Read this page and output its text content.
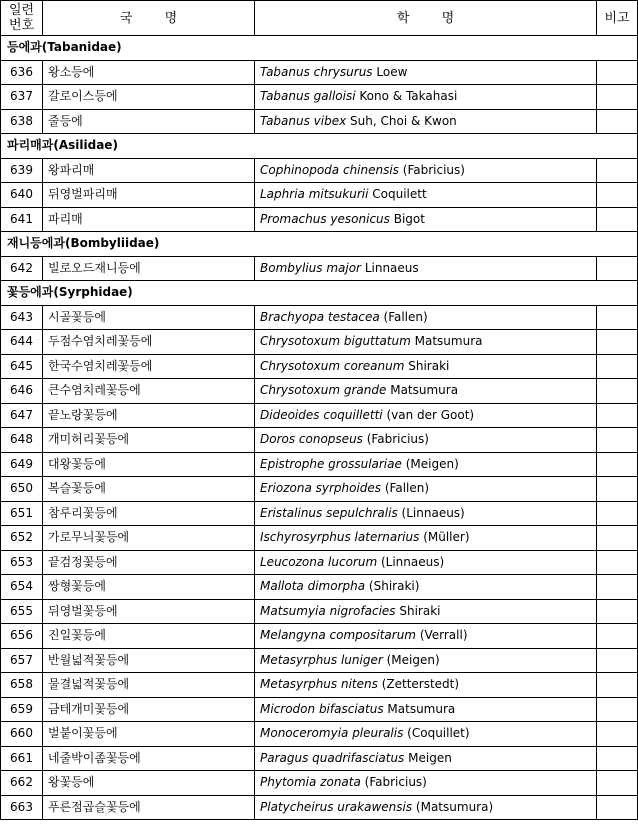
일련
번호	국 명	학 명	비고
등에과(Tabanidae)			
636	왕소등에	Tabanus chrysurus Loew	
637	갈로이스등에	Tabanus galloisi Kono & Takahasi	
638	줄등에	Tabanus vibex Suh, Choi & Kwon	
파리매과(Asilidae)			
639	왕파리매	Cophinopoda chinensis (Fabricius)	
640	뒤영벌파리매	Laphria mitsukurii Coquilett	
641	파리매	Promachus yesonicus Bigot	
재니등에과(Bombyliidae)			
642	빌로오드재니등에	Bombylius major Linnaeus	
꽃등에과(Syrphidae)			
643	시골꽃등에	Brachyopa testacea (Fallen)	
644	두점수염치레꽃등에	Chrysotoxum biguttatum Matsumura	
645	한국수염치레꽃등에	Chrysotoxum coreanum Shiraki	
646	큰수염치레꽃등에	Chrysotoxum grande Matsumura	
647	끝노랑꽃등에	Dideoides coquilletti (van der Goot)	
648	개미허리꽃등에	Doros conopseus (Fabricius)	
649	대왕꽃등에	Epistrophe grossulariae (Meigen)	
650	복슬꽃등에	Eriozona syrphoides (Fallen)	
651	참루리꽃등에	Eristalinus sepulchralis (Linnaeus)	
652	가로무늬꽃등에	Ischyrosyrphus laternarius (Müller)	
653	끝검정꽃등에	Leucozona lucorum (Linnaeus)	
654	쌍형꽃등에	Mallota dimorpha (Shiraki)	
655	뒤영벌꽃등에	Matsumyia nigrofacies Shiraki	
656	진일꽃등에	Melangyna compositarum (Verrall)	
657	반월넓적꽃등에	Metasyrphus luniger (Meigen)	
658	물결넓적꽃등에	Metasyrphus nitens (Zetterstedt)	
659	금테개미꽃등에	Microdon bifasciatus Matsumura	
660	벌붙이꽃등에	Monoceromyia pleuralis (Coquillet)	
661	네줄박이좀꽃등에	Paragus quadrifasciatus Meigen	
662	왕꽃등에	Phytomia zonata (Fabricius)	
663	푸른점곱슬꽃등에	Platycheirus urakawensis (Matsumura)	
